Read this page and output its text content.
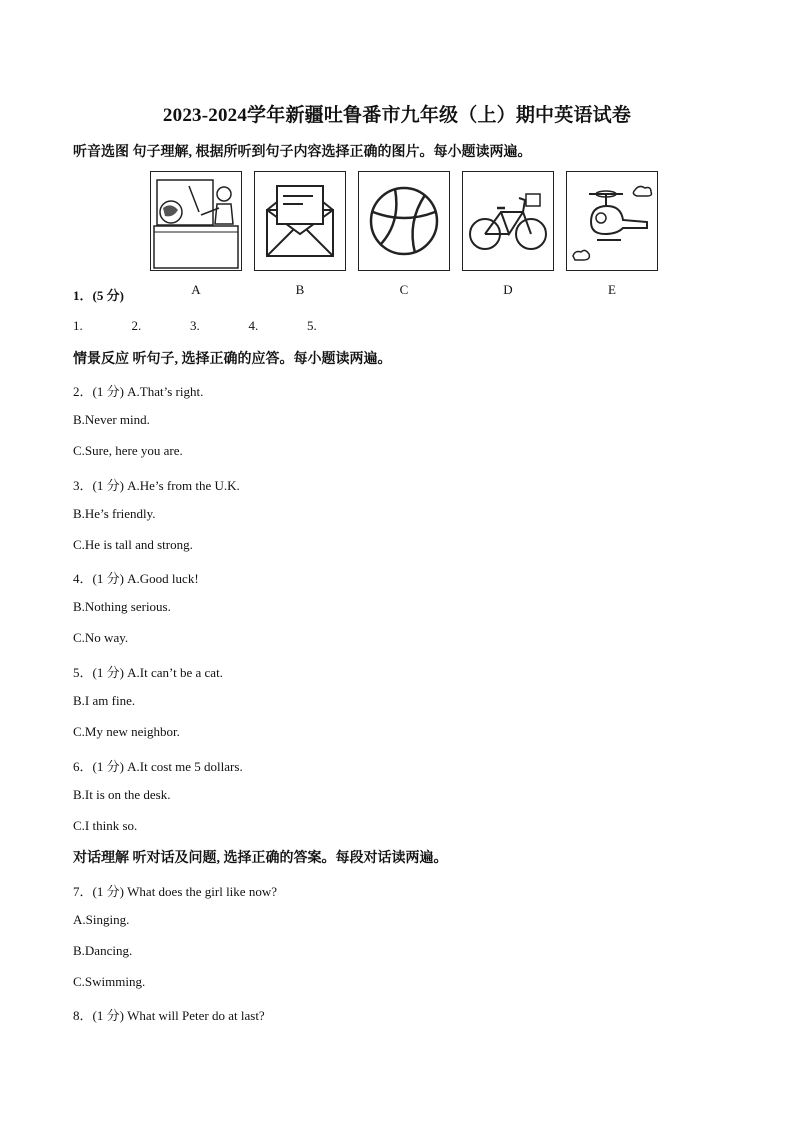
2023-2024学年新疆吐鲁番市九年级（上）期中英语试卷
听音选图 句子理解, 根据所听到句子内容选择正确的图片。每小题读两遍。
A	B	C	D	E
1．(5 分)
1.	2.	3.	4.	5.
情景反应 听句子, 选择正确的应答。每小题读两遍。
2．(1 分) A.That’s right.
B.Never mind.
C.Sure, here you are.
3．(1 分) A.He’s from the U.K.
B.He’s friendly.
C.He is tall and strong.
4．(1 分) A.Good luck!
B.Nothing serious.
C.No way.
5．(1 分) A.It can’t be a cat.
B.I am fine.
C.My new neighbor.
6．(1 分) A.It cost me 5 dollars.
B.It is on the desk.
C.I think so.
对话理解 听对话及问题, 选择正确的答案。每段对话读两遍。
7．(1 分) What does the girl like now?
A.Singing.
B.Dancing.
C.Swimming.
8．(1 分) What will Peter do at last?
